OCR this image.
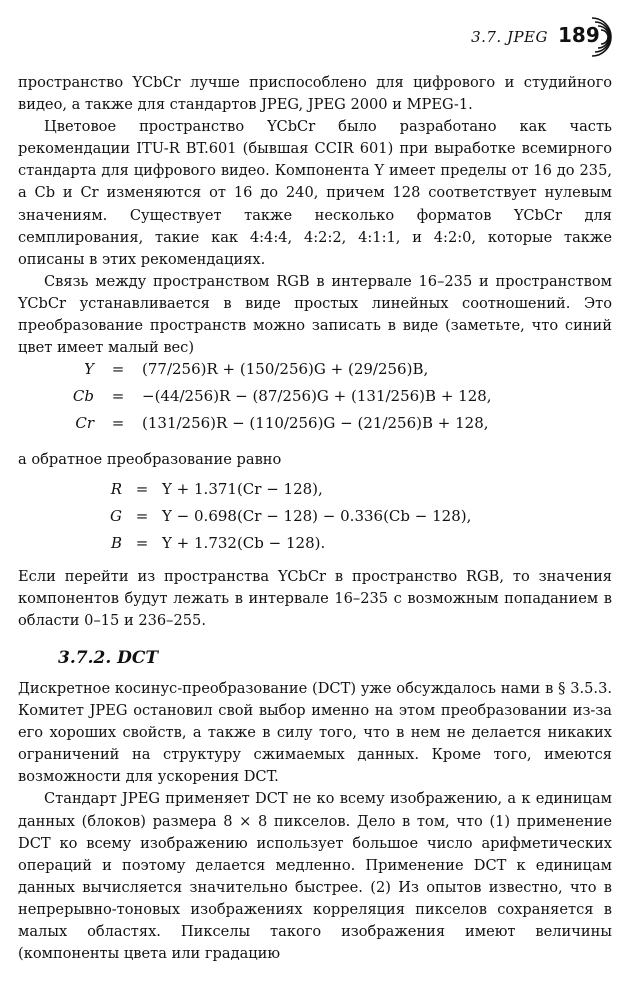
3.7. JPEG 189

пространство YCbCr лучше приспособлено для цифрового и студийного видео, а также для стандартов JPEG, JPEG 2000 и MPEG-1.

Цветовое пространство YCbCr было разработано как часть рекомендации ITU-R BT.601 (бывшая CCIR 601) при выработке всемирного стандарта для цифрового видео. Компонента Y имеет пределы от 16 до 235, а Cb и Cr изменяются от 16 до 240, причем 128 соответствует нулевым значениям. Существует также несколько форматов YCbCr для семплирования, такие как 4:4:4, 4:2:2, 4:1:1, и 4:2:0, которые также описаны в этих рекомендациях.

Связь между пространством RGB в интервале 16–235 и пространством YCbCr устанавливается в виде простых линейных соотношений. Это преобразование пространств можно записать в виде (заметьте, что синий цвет имеет малый вес)

Y	=	(77/256)R + (150/256)G + (29/256)B,
Cb	=	−(44/256)R − (87/256)G + (131/256)B + 128,
Cr	=	(131/256)R − (110/256)G − (21/256)B + 128,

а обратное преобразование равно

R = Y + 1.371(Cr − 128),
G = Y − 0.698(Cr − 128) − 0.336(Cb − 128),
B = Y + 1.732(Cb − 128).

Если перейти из пространства YCbCr в пространство RGB, то значения компонентов будут лежать в интервале 16–235 с возможным попаданием в области 0–15 и 236–255.

3.7.2. DCT

Дискретное косинус-преобразование (DCT) уже обсуждалось нами в § 3.5.3. Комитет JPEG остановил свой выбор именно на этом преобразовании из-за его хороших свойств, а также в силу того, что в нем не делается никаких ограничений на структуру сжимаемых данных. Кроме того, имеются возможности для ускорения DCT.

Стандарт JPEG применяет DCT не ко всему изображению, а к единицам данных (блоков) размера 8 × 8 пикселов. Дело в том, что (1) применение DCT ко всему изображению использует большое число арифметических операций и поэтому делается медленно. Применение DCT к единицам данных вычисляется значительно быстрее. (2) Из опытов известно, что в непрерывно-тоновых изображениях корреляция пикселов сохраняется в малых областях. Пикселы такого изображения имеют величины (компоненты цвета или градацию
